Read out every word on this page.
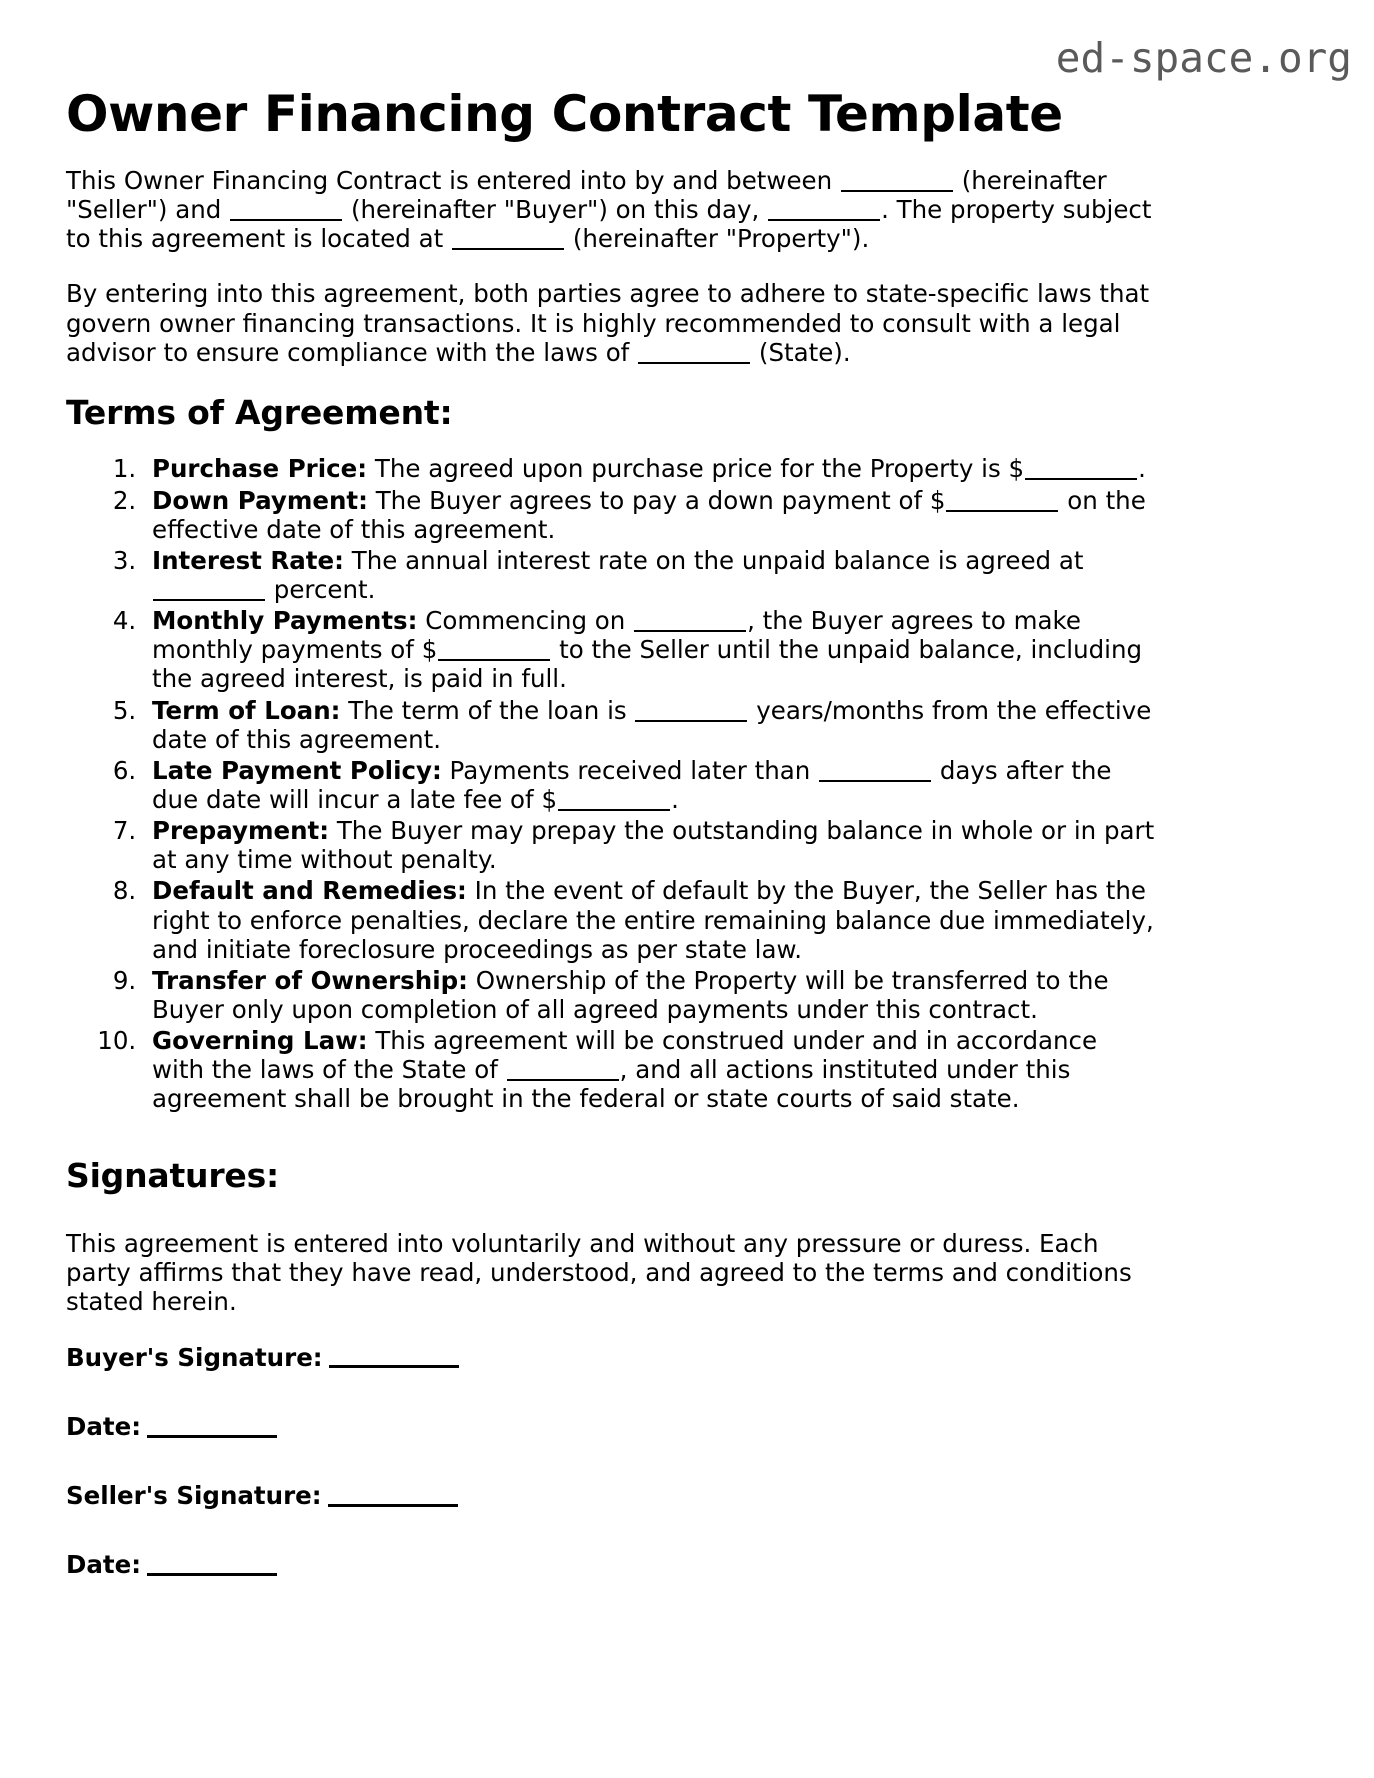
ed-space.org
Owner Financing Contract Template

This Owner Financing Contract is entered into by and between	(hereinafter "Seller") and	(hereinafter "Buyer") on this day,	. The property subject to this agreement is located at	(hereinafter "Property").

By entering into this agreement, both parties agree to adhere to state-specific laws that govern owner financing transactions. It is highly recommended to consult with a legal advisor to ensure compliance with the laws of	(State).

Terms of Agreement:
1. Purchase Price: The agreed upon purchase price for the Property is $	.
2. Down Payment: The Buyer agrees to pay a down payment of $	on the effective date of this agreement.
3. Interest Rate: The annual interest rate on the unpaid balance is agreed at  percent.
4. Monthly Payments: Commencing on	, the Buyer agrees to make monthly payments of $	to the Seller until the unpaid balance, including the agreed interest, is paid in full.
5. Term of Loan: The term of the loan is	years/months from the effective date of this agreement.
6. Late Payment Policy: Payments received later than	days after the due date will incur a late fee of $	.
7. Prepayment: The Buyer may prepay the outstanding balance in whole or in part at any time without penalty.
8. Default and Remedies: In the event of default by the Buyer, the Seller has the right to enforce penalties, declare the entire remaining balance due immediately, and initiate foreclosure proceedings as per state law.
9. Transfer of Ownership: Ownership of the Property will be transferred to the Buyer only upon completion of all agreed payments under this contract.
10. Governing Law: This agreement will be construed under and in accordance with the laws of the State of	, and all actions instituted under this agreement shall be brought in the federal or state courts of said state.
Signatures:

This agreement is entered into voluntarily and without any pressure or duress. Each party affirms that they have read, understood, and agreed to the terms and conditions stated herein.

Buyer's Signature:
Date:
Seller's Signature:
Date:
